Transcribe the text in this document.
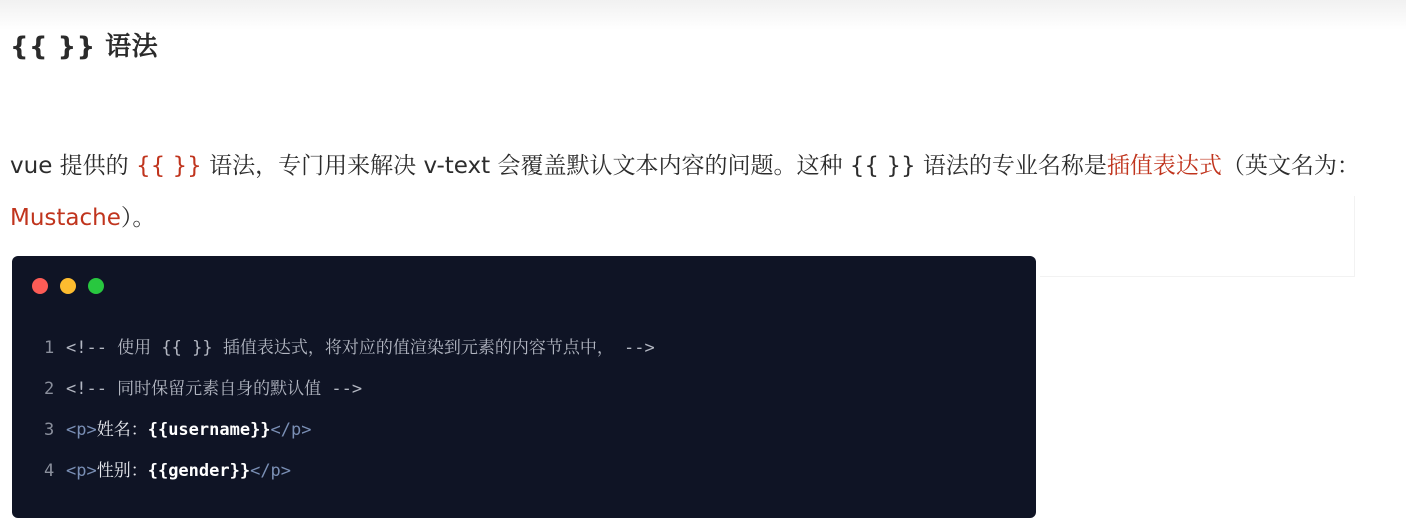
{{ }} 语法

vue 提供的 {{ }} 语法，专门用来解决 v-text 会覆盖默认文本内容的问题。这种 {{ }} 语法的专业名称是插值表达式（英文名为：Mustache）。

1 <!-- 使用 {{ }} 插值表达式，将对应的值渲染到元素的内容节点中， -->
2 <!-- 同时保留元素自身的默认值 -->
3 <p>姓名：{{username}}</p>
4 <p>性别：{{gender}}</p>
